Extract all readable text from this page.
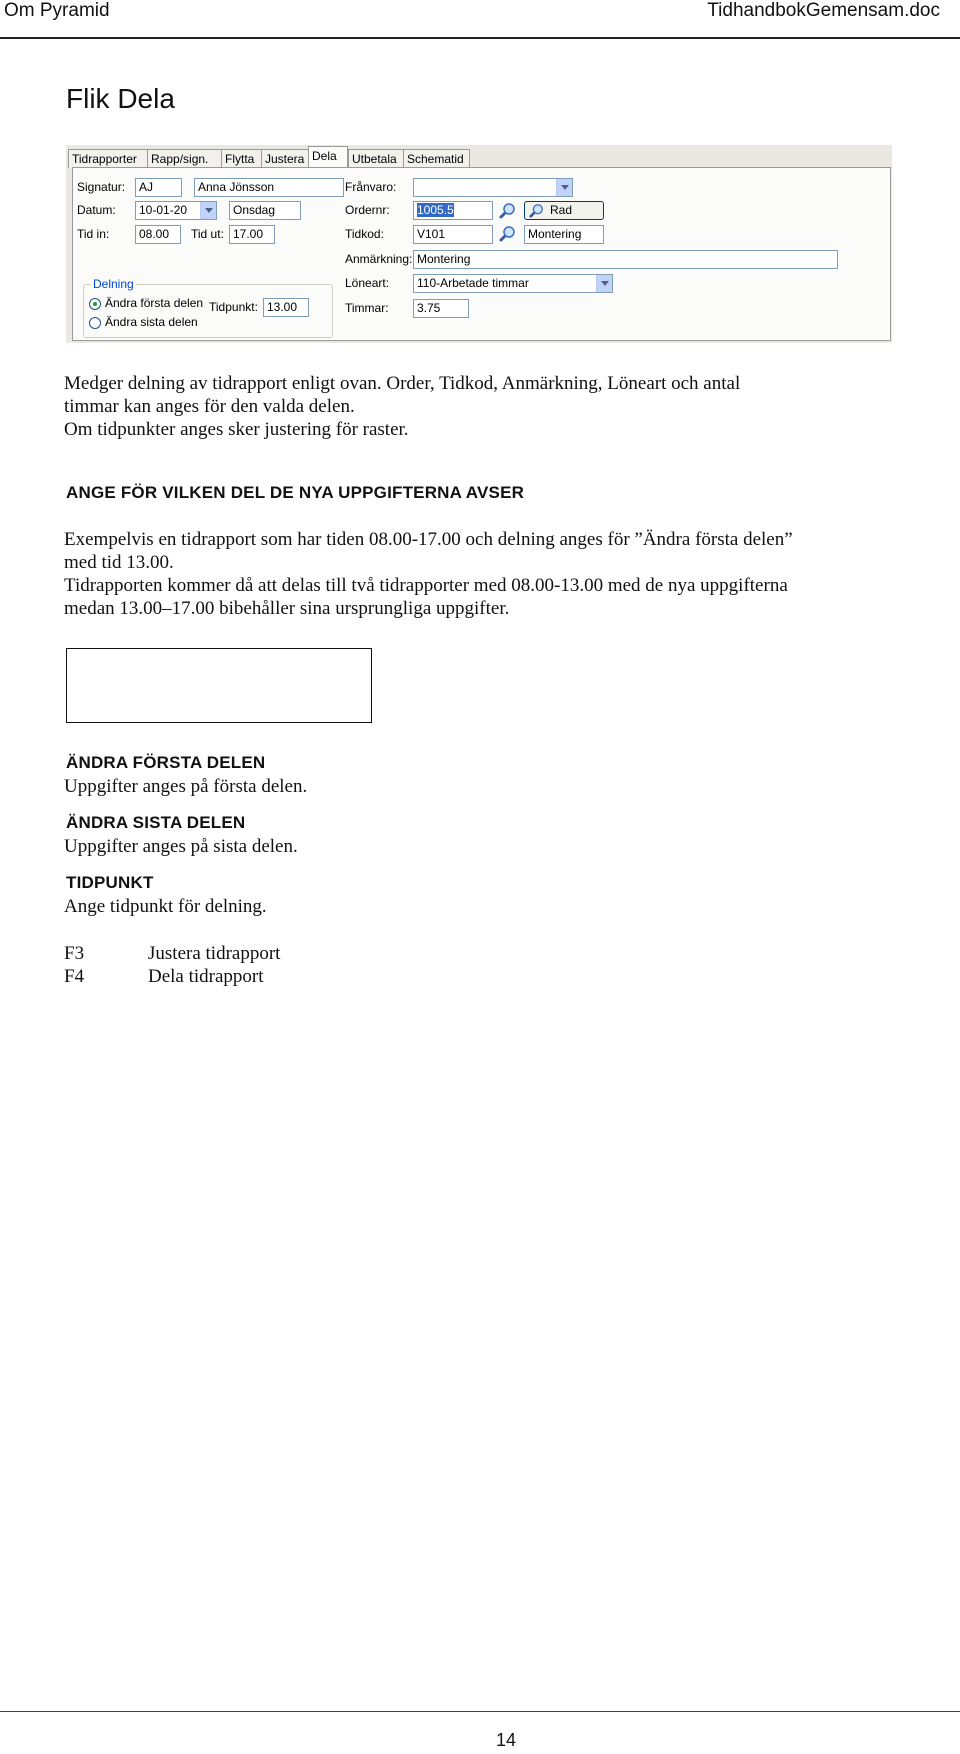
Om Pyramid	TidhandbokGemensam.doc
Flik Dela
Tidrapporter	Rapp/sign.	Flytta Justera Dela	Utbetala Schematid
Signatur:	AJ	Anna Jönsson
Datum:	10-01-20	Onsdag
Tid in:	08.00	Tid ut: 17.00
Delning
Ändra första delen
Ändra sista delen
Tidpunkt: 13.00
Frånvaro:
Ordernr:	1005.5	Rad
Tidkod:	V101	Montering
Anmärkning: Montering
Löneart:	110-Arbetade timmar
Timmar:	3.75
Medger delning av tidrapport enligt ovan. Order, Tidkod, Anmärkning, Löneart och antal
timmar kan anges för den valda delen.
Om tidpunkter anges sker justering för raster.
ANGE FÖR VILKEN DEL DE NYA UPPGIFTERNA AVSER
Exempelvis en tidrapport som har tiden 08.00-17.00 och delning anges för ”Ändra första delen”
med tid 13.00.
Tidrapporten kommer då att delas till två tidrapporter med 08.00-13.00 med de nya uppgifterna
medan 13.00–17.00 bibehåller sina ursprungliga uppgifter.
ÄNDRA FÖRSTA DELEN
Uppgifter anges på första delen.
ÄNDRA SISTA DELEN
Uppgifter anges på sista delen.
TIDPUNKT
Ange tidpunkt för delning.
F3	Justera tidrapport
F4	Dela tidrapport
14
